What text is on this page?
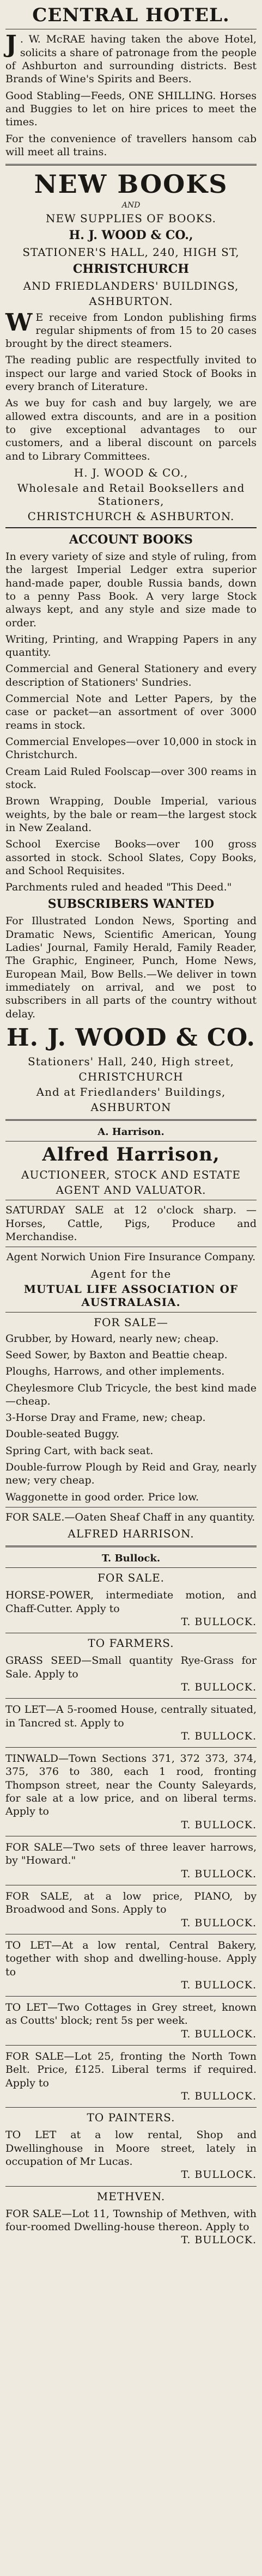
CENTRAL HOTEL.

J . W. McRAE having taken the above Hotel, solicits a share of patronage from the people of Ashburton and surrounding districts. Best Brands of Wine's Spirits and Beers.

Good Stabling—Feeds, ONE SHILLING. Horses and Buggies to let on hire prices to meet the times.

For the convenience of travellers hansom cab will meet all trains.

NEW BOOKS
AND
NEW SUPPLIES OF BOOKS.
H. J. WOOD & CO.,
STATIONER'S HALL, 240, HIGH ST,
CHRISTCHURCH
AND FRIEDLANDERS' BUILDINGS,
ASHBURTON.

W E receive from London publishing firms regular shipments of from 15 to 20 cases brought by the direct steamers.

The reading public are respectfully invited to inspect our large and varied Stock of Books in every branch of Literature.

As we buy for cash and buy largely, we are allowed extra discounts, and are in a position to give exceptional advantages to our customers, and a liberal discount on parcels and to Library Committees.

H. J. WOOD & CO.,
Wholesale and Retail Booksellers and Stationers,
CHRISTCHURCH & ASHBURTON.
ACCOUNT BOOKS

In every variety of size and style of ruling, from the largest Imperial Ledger extra superior hand-made paper, double Russia bands, down to a penny Pass Book. A very large Stock always kept, and any style and size made to order.

Writing, Printing, and Wrapping Papers in any quantity.

Commercial and General Stationery and every description of Stationers' Sundries.

Commercial Note and Letter Papers, by the case or packet—an assortment of over 3000 reams in stock.

Commercial Envelopes—over 10,000 in stock in Christchurch.

Cream Laid Ruled Foolscap—over 300 reams in stock.

Brown Wrapping, Double Imperial, various weights, by the bale or ream—the largest stock in New Zealand.

School Exercise Books—over 100 gross assorted in stock. School Slates, Copy Books, and School Requisites.

Parchments ruled and headed "This Deed."

SUBSCRIBERS WANTED

For Illustrated London News, Sporting and Dramatic News, Scientific American, Young Ladies' Journal, Family Herald, Family Reader, The Graphic, Engineer, Punch, Home News, European Mail, Bow Bells.—We deliver in town immediately on arrival, and we post to subscribers in all parts of the country without delay.

H. J. WOOD & CO.
Stationers' Hall, 240, High street,
CHRISTCHURCH
And at Friedlanders' Buildings,
ASHBURTON
A. Harrison.
Alfred Harrison,
AUCTIONEER, STOCK AND ESTATE
AGENT AND VALUATOR.

SATURDAY SALE at 12 o'clock sharp. —Horses, Cattle, Pigs, Produce and Merchandise.

Agent Norwich Union Fire Insurance Company.

Agent for the
MUTUAL LIFE ASSOCIATION OF AUSTRALASIA.
FOR SALE—

Grubber, by Howard, nearly new; cheap.

Seed Sower, by Baxton and Beattie cheap.

Ploughs, Harrows, and other implements.

Cheylesmore Club Tricycle, the best kind made—cheap.

3-Horse Dray and Frame, new; cheap.

Double-seated Buggy.

Spring Cart, with back seat.

Double-furrow Plough by Reid and Gray, nearly new; very cheap.

Waggonette in good order. Price low.

FOR SALE.—Oaten Sheaf Chaff in any quantity.

ALFRED HARRISON.
T. Bullock.
FOR SALE.
HORSE-POWER, intermediate motion, and Chaff-Cutter. Apply to
T. BULLOCK.
TO FARMERS.
GRASS SEED—Small quantity Rye-Grass for Sale. Apply to
T. BULLOCK.
TO LET—A 5-roomed House, centrally situated, in Tancred st. Apply to
T. BULLOCK.
TINWALD—Town Sections 371, 372 373, 374, 375, 376 to 380, each 1 rood, fronting Thompson street, near the County Saleyards, for sale at a low price, and on liberal terms. Apply to
T. BULLOCK.
FOR SALE—Two sets of three leaver harrows, by "Howard."
T. BULLOCK.
FOR SALE, at a low price, PIANO, by Broadwood and Sons. Apply to
T. BULLOCK.
TO LET—At a low rental, Central Bakery, together with shop and dwelling-house. Apply to
T. BULLOCK.
TO LET—Two Cottages in Grey street, known as Coutts' block; rent 5s per week.
T. BULLOCK.
FOR SALE—Lot 25, fronting the North Town Belt. Price, £125. Liberal terms if required. Apply to
T. BULLOCK.
TO PAINTERS.
TO LET at a low rental, Shop and Dwellinghouse in Moore street, lately in occupation of Mr Lucas.
T. BULLOCK.
METHVEN.
FOR SALE—Lot 11, Township of Methven, with four-roomed Dwelling-house thereon. Apply to
T. BULLOCK.
